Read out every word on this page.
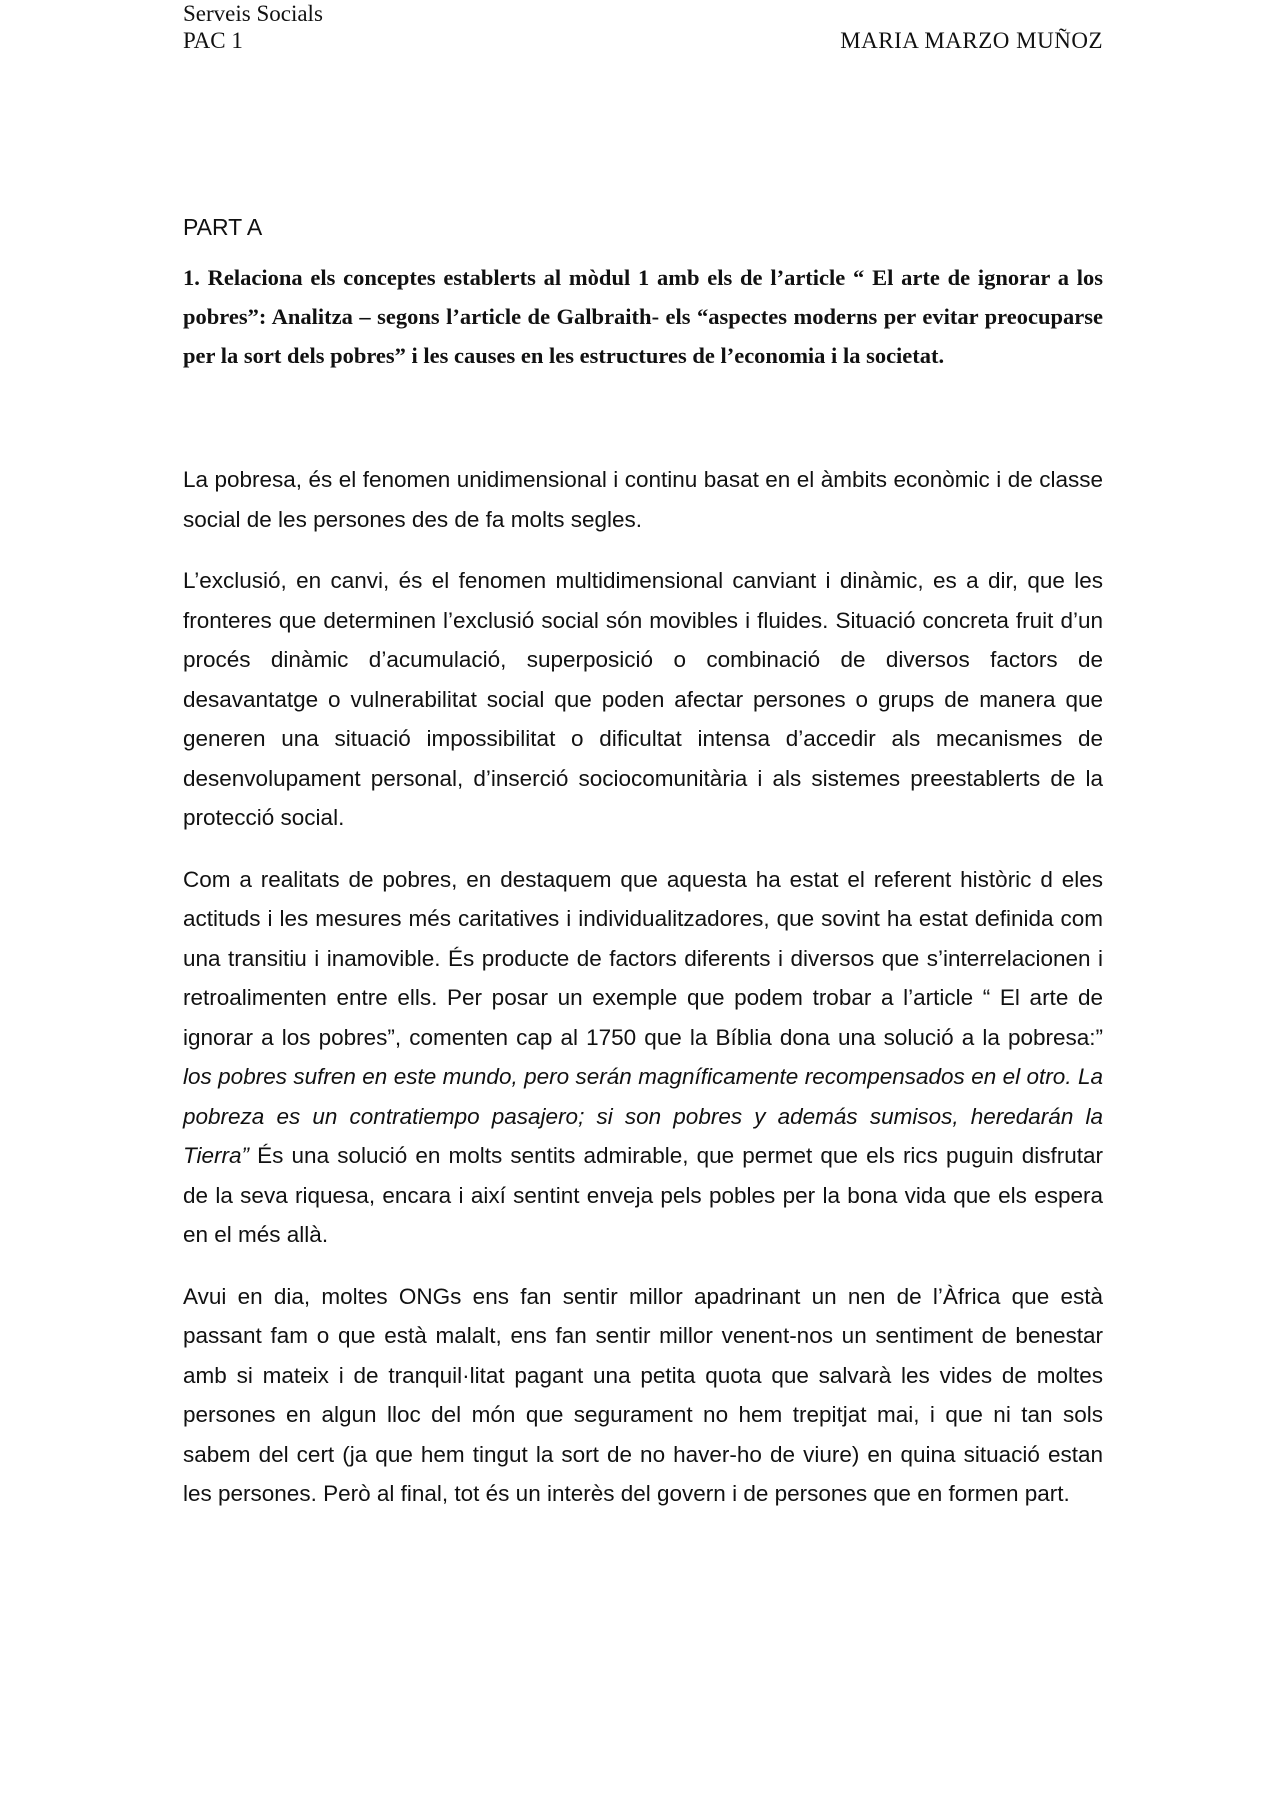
Serveis Socials
PAC 1	MARIA MARZO MUÑOZ
PART A

1. Relaciona els conceptes establerts al mòdul 1 amb els de l’article “ El arte de ignorar a los pobres”: Analitza – segons l’article de Galbraith- els “aspectes moderns per evitar preocuparse per la sort dels pobres” i les causes en les estructures de l’economia i la societat.

La pobresa, és el fenomen unidimensional i continu basat en el àmbits econòmic i de classe social de les persones des de fa molts segles.

L’exclusió, en canvi, és el fenomen multidimensional canviant i dinàmic, es a dir, que les fronteres que determinen l’exclusió social són movibles i fluides. Situació concreta fruit d’un procés dinàmic d’acumulació, superposició o combinació de diversos factors de desavantatge o vulnerabilitat social que poden afectar persones o grups de manera que generen una situació impossibilitat o dificultat intensa d’accedir als mecanismes de desenvolupament personal, d’inserció sociocomunitària i als sistemes preestablerts de la protecció social.

Com a realitats de pobres, en destaquem que aquesta ha estat el referent històric d eles actituds i les mesures més caritatives i individualitzadores, que sovint ha estat definida com una transitiu i inamovible. És producte de factors diferents i diversos que s’interrelacionen i retroalimenten entre ells. Per posar un exemple que podem trobar a l’article “ El arte de ignorar a los pobres”, comenten cap al 1750 que la Bíblia dona una solució a la pobresa:” los pobres sufren en este mundo, pero serán magníficamente recompensados en el otro. La pobreza es un contratiempo pasajero; si son pobres y además sumisos, heredarán la Tierra” És una solució en molts sentits admirable, que permet que els rics puguin disfrutar de la seva riquesa, encara i així sentint enveja pels pobles per la bona vida que els espera en el més allà.

Avui en dia, moltes ONGs ens fan sentir millor apadrinant un nen de l’Àfrica que està passant fam o que està malalt, ens fan sentir millor venent-nos un sentiment de benestar amb si mateix i de tranquil·litat pagant una petita quota que salvarà les vides de moltes persones en algun lloc del món que segurament no hem trepitjat mai, i que ni tan sols sabem del cert (ja que hem tingut la sort de no haver-ho de viure) en quina situació estan les persones. Però al final, tot és un interès del govern i de persones que en formen part.
